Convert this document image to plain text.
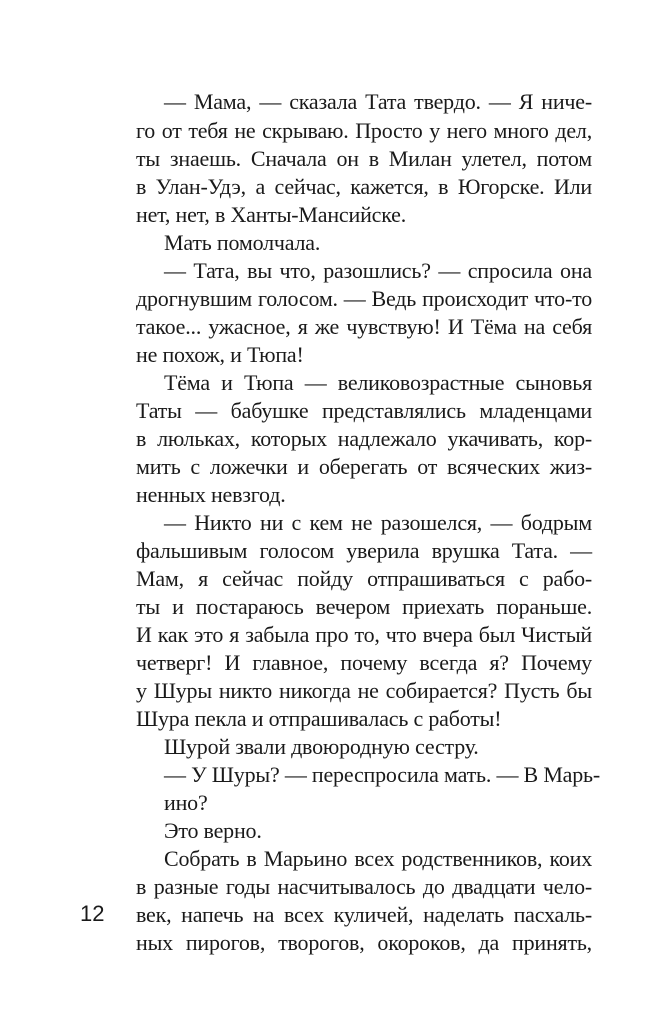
— Мама, — сказала Тата твердо. — Я ниче-
го от тебя не скрываю. Просто у него много дел,
ты знаешь. Сначала он в Милан улетел, потом
в Улан-Удэ, а сейчас, кажется, в Югорске. Или
нет, нет, в Ханты-Мансийске.
Мать помолчала.
— Тата, вы что, разошлись? — спросила она
дрогнувшим голосом. — Ведь происходит что-то
такое... ужасное, я же чувствую! И Тёма на себя
не похож, и Тюпа!
Тёма и Тюпа — великовозрастные сыновья
Таты — бабушке представлялись младенцами
в люльках, которых надлежало укачивать, кор-
мить с ложечки и оберегать от всяческих жиз-
ненных невзгод.
— Никто ни с кем не разошелся, — бодрым
фальшивым голосом уверила врушка Тата. —
Мам, я сейчас пойду отпрашиваться с рабо-
ты и постараюсь вечером приехать пораньше.
И как это я забыла про то, что вчера был Чистый
четверг! И главное, почему всегда я? Почему
у Шуры никто никогда не собирается? Пусть бы
Шура пекла и отпрашивалась с работы!
Шурой звали двоюродную сестру.
— У Шуры? — переспросила мать. — В Марь-
ино?
Это верно.
Собрать в Марьино всех родственников, коих
в разные годы насчитывалось до двадцати чело-
век, напечь на всех куличей, наделать пасхаль-
ных пирогов, творогов, окороков, да принять,
12
